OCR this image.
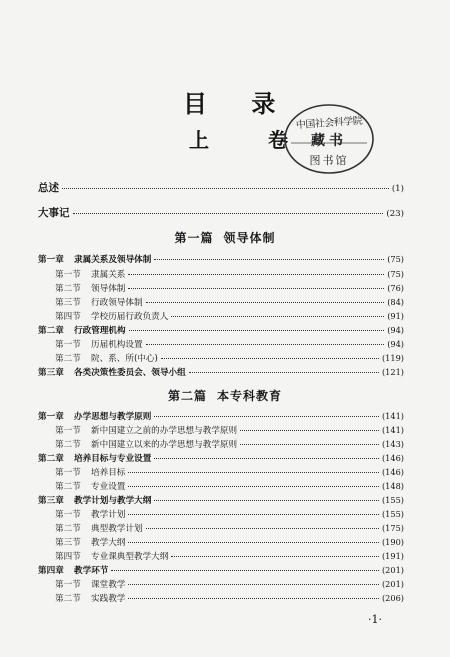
目 录
上 卷
中国社会科学院
藏书
图书馆
总述	(1)
大事记	(23)
第一篇 领导体制
第一章 隶属关系及领导体制	(75)
第一节 隶属关系	(75)
第二节 领导体制	(76)
第三节 行政领导体制	(84)
第四节 学校历届行政负责人	(91)
第二章 行政管理机构	(94)
第一节 历届机构设置	(94)
第二节 院、系、所(中心)	(119)
第三章 各类决策性委员会、领导小组	(121)
第二篇 本专科教育
第一章 办学思想与教学原则	(141)
第一节 新中国建立之前的办学思想与教学原则	(141)
第二节 新中国建立以来的办学思想与教学原则	(143)
第二章 培养目标与专业设置	(146)
第一节 培养目标	(146)
第二节 专业设置	(148)
第三章 教学计划与教学大纲	(155)
第一节 教学计划	(155)
第二节 典型教学计划	(175)
第三节 教学大纲	(190)
第四节 专业课典型教学大纲	(191)
第四章 教学环节	(201)
第一节 课堂教学	(201)
第二节 实践教学	(206)
·1·
